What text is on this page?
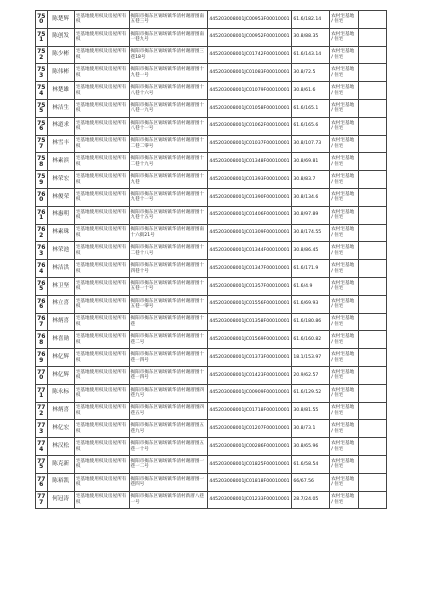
750	陈楚辉	宅基地使用权及房屋所有权	揭阳市揭东区锡场镇华清村谢厝围南五巷三号	445203008001JC00953F00010001	61.6/182.14	农村宅基地 / 住宅	
751	陈创发	宅基地使用权及房屋所有权	揭阳市揭东区锡场镇华清村谢厝围南一巷九号	445203008001JC00952F00010001	30.8/88.35	农村宅基地 / 住宅	
752	陈少彬	宅基地使用权及房屋所有权	揭阳市揭东区锡场镇华清村谢厝围三巷18号	445203008001JC01742F00010001	61.6/143.14	农村宅基地 / 住宅	
753	陈伟彬	宅基地使用权及房屋所有权	揭阳市揭东区锡场镇华清村谢厝围十九巷一号	445203008001JC01083F00010001	30.8/72.5	农村宅基地 / 住宅	
754	林楚雄	宅基地使用权及房屋所有权	揭阳市揭东区锡场镇华清村谢厝围十八巷十六号	445203008001JC01079F00010001	30.8/61.6	农村宅基地 / 住宅	
755	林洁生	宅基地使用权及房屋所有权	揭阳市揭东区锡场镇华清村谢厝围十八巷一九号	445203008001JC01058F00010001	61.6/165.1	农村宅基地 / 住宅	
756	林道求	宅基地使用权及房屋所有权	揭阳市揭东区锡场镇华清村谢厝围十八巷十一号	445203008001JC01062F00010001	61.6/165.6	农村宅基地 / 住宅	
757	林雪丰	宅基地使用权及房屋所有权	揭阳市揭东区锡场镇华清村谢厝围十二巷二零号	445203008001JC01037F00010001	30.8/107.73	农村宅基地 / 住宅	
758	林素滨	宅基地使用权及房屋所有权	揭阳市揭东区锡场镇华清村谢厝围十二巷十九号	445203008001JC01348F00010001	30.8/69.81	农村宅基地 / 住宅	
759	林荣宏	宅基地使用权及房屋所有权	揭阳市揭东区锡场镇华清村谢厝围十九巷	445203008001JC01393F00010001	30.8/83.7	农村宅基地 / 住宅	
760	林俊荣	宅基地使用权及房屋所有权	揭阳市揭东区锡场镇华清村谢厝围十九巷十一号	445203008001JC01390F00010001	30.8/134.6	农村宅基地 / 住宅	
761	林惠明	宅基地使用权及房屋所有权	揭阳市揭东区锡场镇华清村谢厝围十九巷十五号	445203008001JC01406F00010001	30.8/97.89	农村宅基地 / 住宅	
762	林素珠	宅基地使用权及房屋所有权	揭阳市揭东区锡场镇华清村谢厝围南十六街21号	445203008001JC01309F00010001	30.8/174.55	农村宅基地 / 住宅	
763	林荣池	宅基地使用权及房屋所有权	揭阳市揭东区锡场镇华清村谢厝围十二巷十八号	445203008001JC01344F00010001	30.8/86.45	农村宅基地 / 住宅	
764	林洁洪	宅基地使用权及房屋所有权	揭阳市揭东区锡场镇华清村谢厝围十四巷十号	445203008001JC01347F00010001	61.6/171.9	农村宅基地 / 住宅	
765	林卫坚	宅基地使用权及房屋所有权	揭阳市揭东区锡场镇华清村谢厝围十五巷一十号	445203008001JC01357F00010001	61.6/4.9	农村宅基地 / 住宅	
766	林立喜	宅基地使用权及房屋所有权	揭阳市揭东区锡场镇华清村谢厝围十五巷一零号	445203008001JC01556F00010001	61.6/69.93	农村宅基地 / 住宅	
767	林炳喜	宅基地使用权及房屋所有权	揭阳市揭东区锡场镇华清村谢厝围十巷	445203008001JC01358F00010001	61.6/180.86	农村宅基地 / 住宅	
768	林喜勋	宅基地使用权及房屋所有权	揭阳市揭东区锡场镇华清村谢厝围十巷二号	445203008001JC01569F00010001	61.6/160.82	农村宅基地 / 住宅	
769	林亿辉	宅基地使用权及房屋所有权	揭阳市揭东区锡场镇华清村谢厝围十巷一四号	445203008001JC01373F00010001	18.1/153.97	农村宅基地 / 住宅	
770	林亿辉	宅基地使用权及房屋所有权	揭阳市揭东区锡场镇华清村谢厝围十巷一四号	445203008001JC01423F00010001	20.9/62.57	农村宅基地 / 住宅	
771	陈永标	宅基地使用权及房屋所有权	揭阳市揭东区锡场镇华清村谢厝围四巷九号	445203008001JC00909F00010001	61.6/129.52	农村宅基地 / 住宅	
772	林炳喜	宅基地使用权及房屋所有权	揭阳市揭东区锡场镇华清村谢厝围四巷五号	445203008001JC01718F00010001	30.8/81.55	农村宅基地 / 住宅	
773	林亿宏	宅基地使用权及房屋所有权	揭阳市揭东区锡场镇华清村谢厝围五巷九号	445203008001JC01207F00010001	30.8/73.1	农村宅基地 / 住宅	
774	林汉松	宅基地使用权及房屋所有权	揭阳市揭东区锡场镇华清村谢厝围五巷一十号	445203008001JC00286F00010001	30.8/65.96	农村宅基地 / 住宅	
775	陈克新	宅基地使用权及房屋所有权	揭阳市揭东区锡场镇华清村谢厝围一巷一二号	445203008001JC01825F00010001	61.6/58.54	农村宅基地 / 住宅	
776	陈裕凯	宅基地使用权及房屋所有权	揭阳市揭东区锡场镇华清村谢厝围一巷四号	445203008001JC01818F00010001	66/67.56	农村宅基地 / 住宅	
777	何冠涛	宅基地使用权及房屋所有权	揭阳市揭东区锡场镇华清村新厝八巷一号	445203008001JC01233F00010001	28.7/24.05	农村宅基地 / 住宅	
